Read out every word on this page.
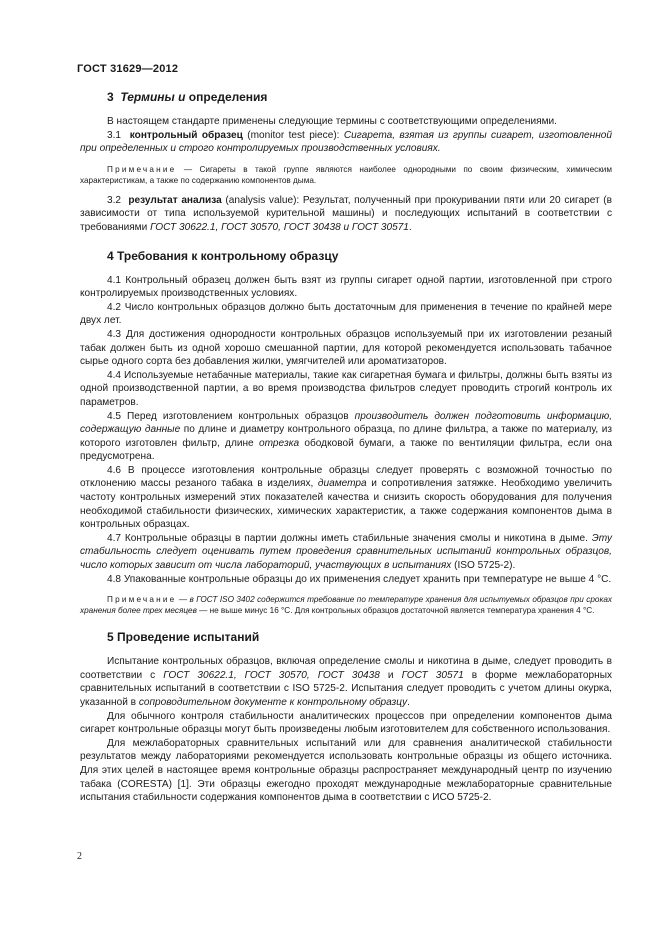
ГОСТ 31629—2012
3 Термины и определения

В настоящем стандарте применены следующие термины с соответствующими определениями.

3.1 контрольный образец (monitor test piece): Сигарета, взятая из группы сигарет, изготовленной при определенных и строго контролируемых производственных условиях.

Примечание — Сигареты в такой группе являются наиболее однородными по своим физическим, химическим характеристикам, а также по содержанию компонентов дыма.

3.2 результат анализа (analysis value): Результат, полученный при прокуривании пяти или 20 сигарет (в зависимости от типа используемой курительной машины) и последующих испытаний в соответствии с требованиями ГОСТ 30622.1, ГОСТ 30570, ГОСТ 30438 и ГОСТ 30571.

4 Требования к контрольному образцу

4.1 Контрольный образец должен быть взят из группы сигарет одной партии, изготовленной при строго контролируемых производственных условиях.

4.2 Число контрольных образцов должно быть достаточным для применения в течение по крайней мере двух лет.

4.3 Для достижения однородности контрольных образцов используемый при их изготовлении резаный табак должен быть из одной хорошо смешанной партии, для которой рекомендуется использовать табачное сырье одного сорта без добавления жилки, умягчителей или ароматизаторов.

4.4 Используемые нетабачные материалы, такие как сигаретная бумага и фильтры, должны быть взяты из одной производственной партии, а во время производства фильтров следует проводить строгий контроль их параметров.

4.5 Перед изготовлением контрольных образцов производитель должен подготовить информацию, содержащую данные по длине и диаметру контрольного образца, по длине фильтра, а также по материалу, из которого изготовлен фильтр, длине отрезка ободковой бумаги, а также по вентиляции фильтра, если она предусмотрена.

4.6 В процессе изготовления контрольные образцы следует проверять с возможной точностью по отклонению массы резаного табака в изделиях, диаметра и сопротивления затяжке. Необходимо увеличить частоту контрольных измерений этих показателей качества и снизить скорость оборудования для получения необходимой стабильности физических, химических характеристик, а также содержания компонентов дыма в контрольных образцах.

4.7 Контрольные образцы в партии должны иметь стабильные значения смолы и никотина в дыме. Эту стабильность следует оценивать путем проведения сравнительных испытаний контрольных образцов, число которых зависит от числа лабораторий, участвующих в испытаниях (ISO 5725-2).

4.8 Упакованные контрольные образцы до их применения следует хранить при температуре не выше 4 °С.

Примечание — в ГОСТ ISO 3402 содержится требование по температуре хранения для испытуемых образцов при сроках хранения более трех месяцев — не выше минус 16 °С. Для контрольных образцов достаточной является температура хранения 4 °С.

5 Проведение испытаний

Испытание контрольных образцов, включая определение смолы и никотина в дыме, следует проводить в соответствии с ГОСТ 30622.1, ГОСТ 30570, ГОСТ 30438 и ГОСТ 30571 в форме межлабораторных сравнительных испытаний в соответствии с ISO 5725-2. Испытания следует проводить с учетом длины окурка, указанной в сопроводительном документе к контрольному образцу.

Для обычного контроля стабильности аналитических процессов при определении компонентов дыма сигарет контрольные образцы могут быть произведены любым изготовителем для собственного использования.

Для межлабораторных сравнительных испытаний или для сравнения аналитической стабильности результатов между лабораториями рекомендуется использовать контрольные образцы из общего источника. Для этих целей в настоящее время контрольные образцы распространяет международный центр по изучению табака (CORESTA) [1]. Эти образцы ежегодно проходят международные межлабораторные сравнительные испытания стабильности содержания компонентов дыма в соответствии с ИСО 5725-2.

2
